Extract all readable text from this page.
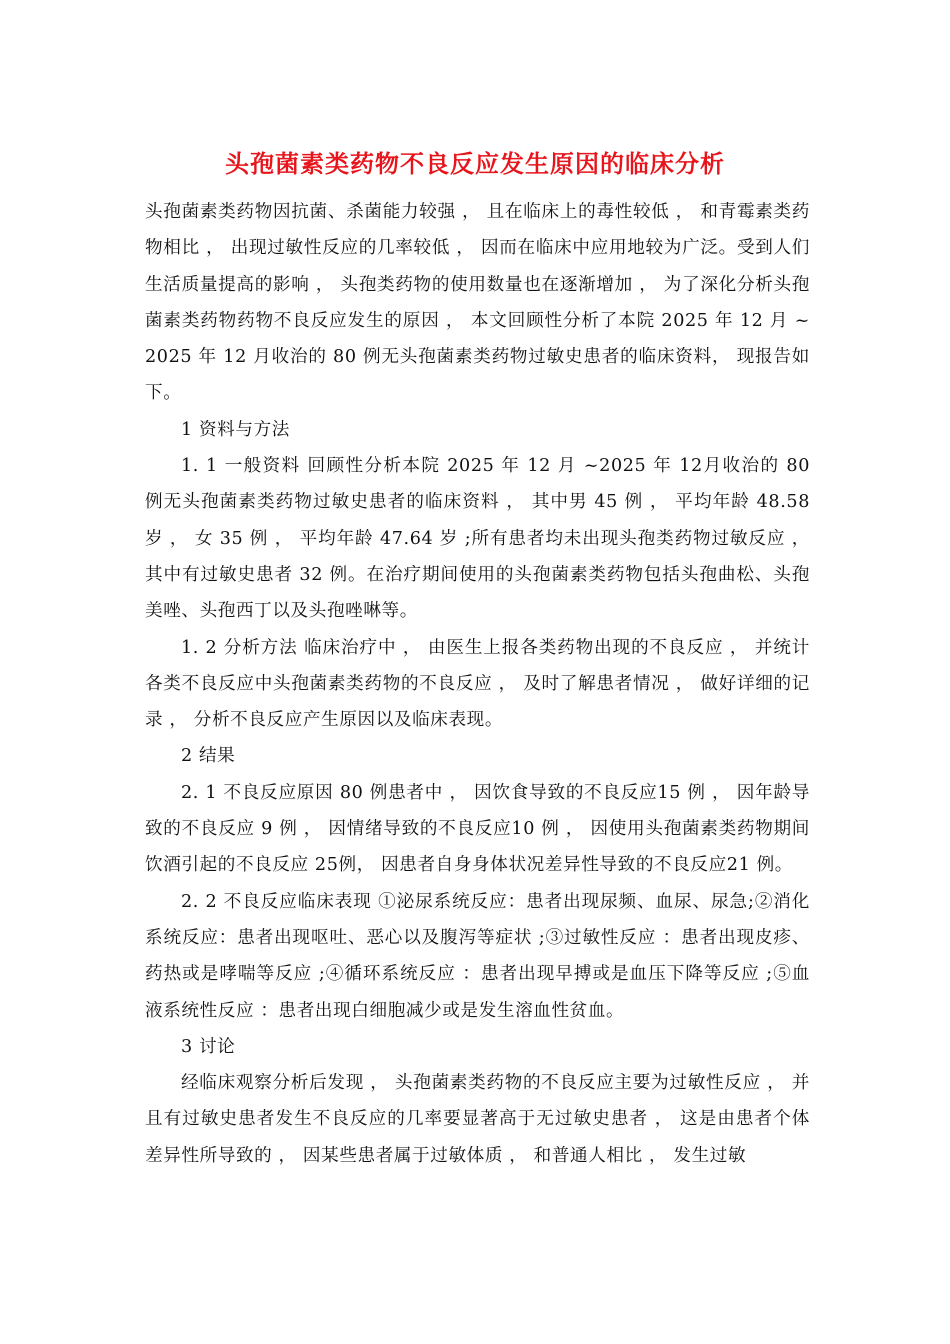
头孢菌素类药物不良反应发生原因的临床分析

头孢菌素类药物因抗菌、杀菌能力较强 ， 且在临床上的毒性较低 ， 和青霉素类药物相比 ， 出现过敏性反应的几率较低 ， 因而在临床中应用地较为广泛。受到人们生活质量提高的影响 ， 头孢类药物的使用数量也在逐渐增加 ， 为了深化分析头孢菌素类药物药物不良反应发生的原因 ， 本文回顾性分析了本院 2025 年 12 月 ~2025 年 12 月收治的 80 例无头孢菌素类药物过敏史患者的临床资料， 现报告如下。

1 资料与方法

1. 1 一般资料 回顾性分析本院 2025 年 12 月 ~2025 年 12月收治的 80 例无头孢菌素类药物过敏史患者的临床资料 ， 其中男 45 例 ， 平均年龄 48.58 岁 ， 女 35 例 ， 平均年龄 47.64 岁 ;所有患者均未出现头孢类药物过敏反应 ， 其中有过敏史患者 32 例。在治疗期间使用的头孢菌素类药物包括头孢曲松、头孢美唑、头孢西丁以及头孢唑啉等。

1. 2 分析方法 临床治疗中 ， 由医生上报各类药物出现的不良反应 ， 并统计各类不良反应中头孢菌素类药物的不良反应 ， 及时了解患者情况 ， 做好详细的记录 ， 分析不良反应产生原因以及临床表现。

2 结果

2. 1 不良反应原因 80 例患者中 ， 因饮食导致的不良反应15 例 ， 因年龄导致的不良反应 9 例 ， 因情绪导致的不良反应10 例 ， 因使用头孢菌素类药物期间饮酒引起的不良反应 25例， 因患者自身身体状况差异性导致的不良反应21 例。

2. 2 不良反应临床表现 ①泌尿系统反应：患者出现尿频、血尿、尿急;②消化系统反应：患者出现呕吐、恶心以及腹泻等症状 ;③过敏性反应 ：患者出现皮疹、药热或是哮喘等反应 ;④循环系统反应 ：患者出现早搏或是血压下降等反应 ;⑤血液系统性反应 ：患者出现白细胞减少或是发生溶血性贫血。

3 讨论

经临床观察分析后发现 ， 头孢菌素类药物的不良反应主要为过敏性反应 ， 并且有过敏史患者发生不良反应的几率要显著高于无过敏史患者 ， 这是由患者个体差异性所导致的 ， 因某些患者属于过敏体质 ， 和普通人相比 ， 发生过敏
